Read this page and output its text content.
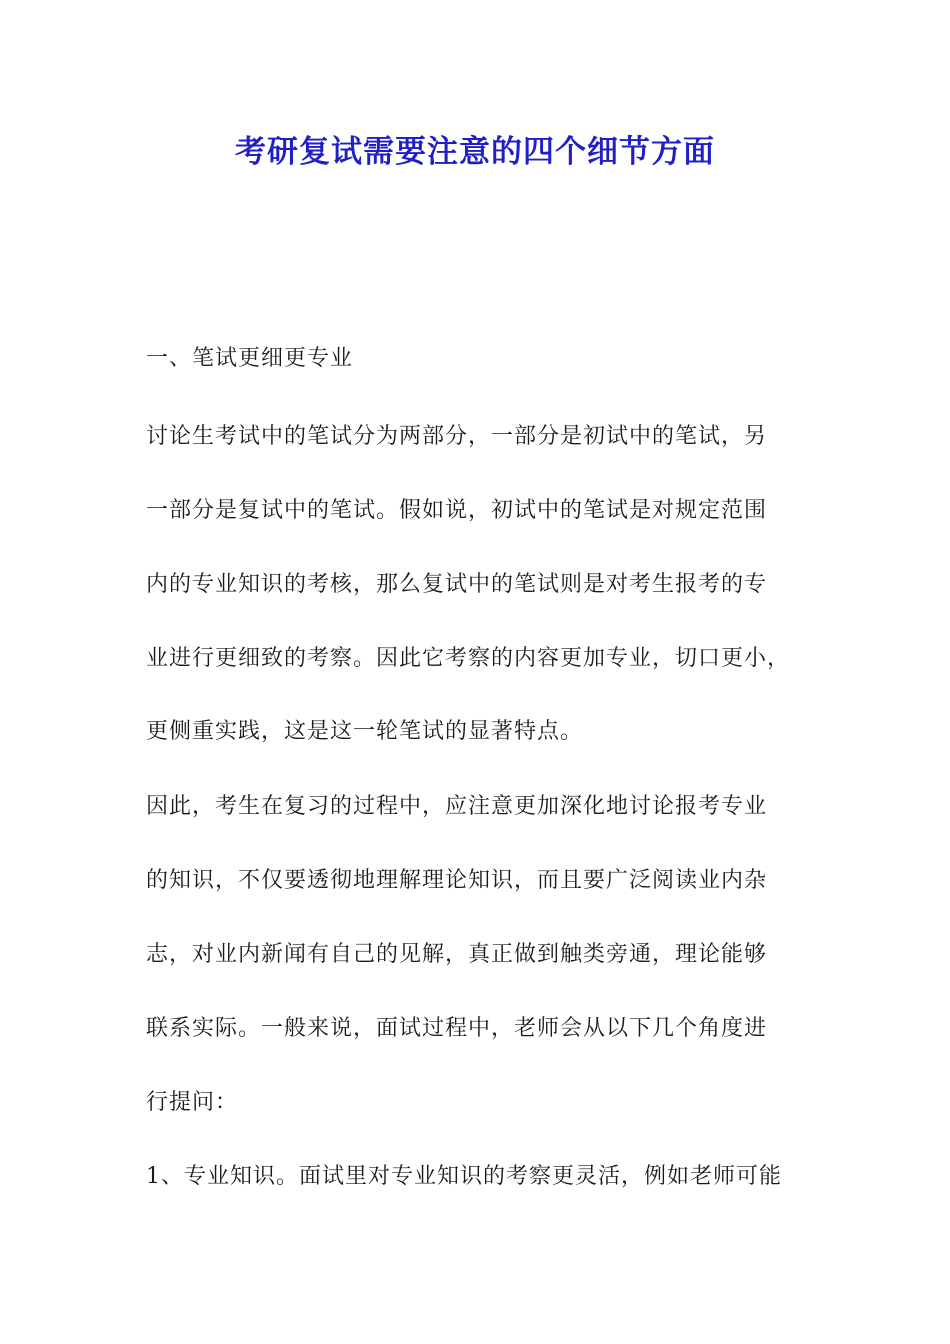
考研复试需要注意的四个细节方面
一、笔试更细更专业
讨论生考试中的笔试分为两部分，一部分是初试中的笔试，另
一部分是复试中的笔试。假如说，初试中的笔试是对规定范围
内的专业知识的考核，那么复试中的笔试则是对考生报考的专
业进行更细致的考察。因此它考察的内容更加专业，切口更小，
更侧重实践，这是这一轮笔试的显著特点。
因此，考生在复习的过程中，应注意更加深化地讨论报考专业
的知识，不仅要透彻地理解理论知识，而且要广泛阅读业内杂
志，对业内新闻有自己的见解，真正做到触类旁通，理论能够
联系实际。一般来说，面试过程中，老师会从以下几个角度进
行提问：
1、专业知识。面试里对专业知识的考察更灵活，例如老师可能
